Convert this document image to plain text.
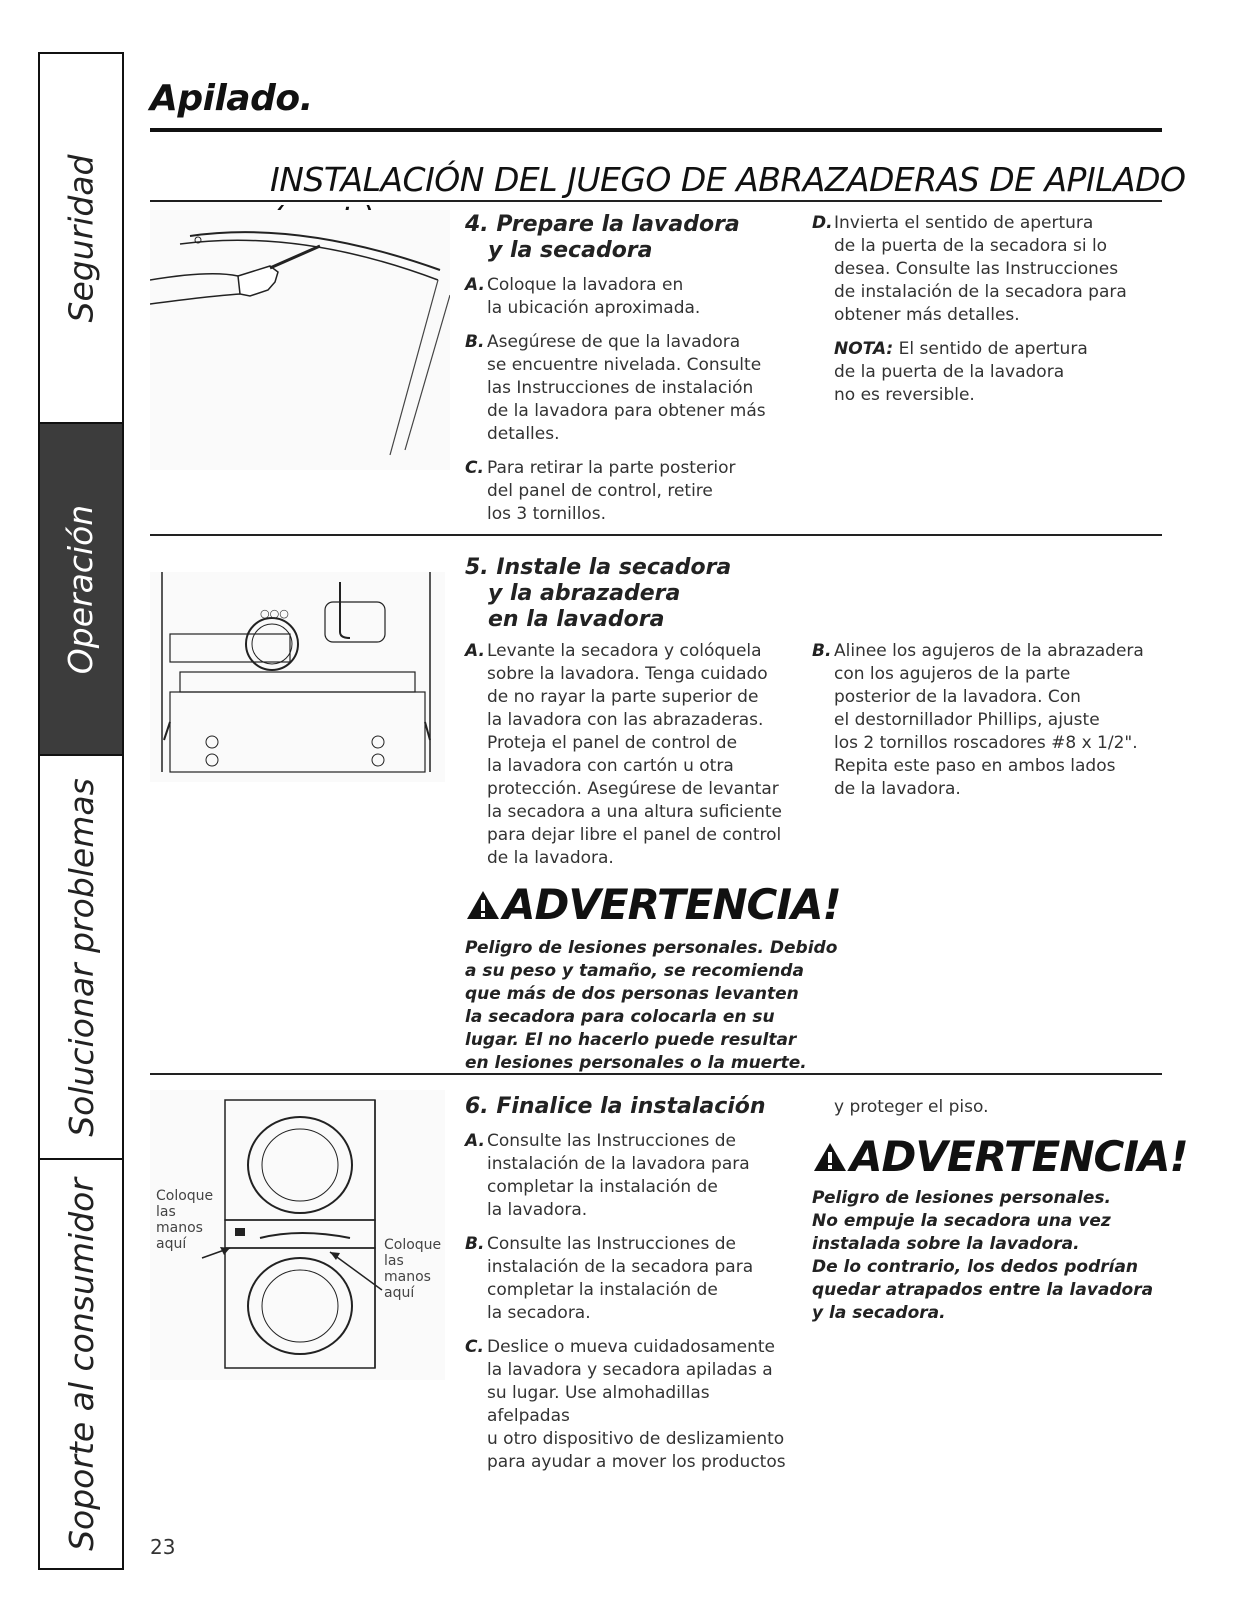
Seguridad
Operación
Solucionar problemas
Soporte al consumidor
Apilado.
INSTALACIÓN DEL JUEGO DE ABRAZADERAS DE APILADO
4. Prepare la lavadora
y la secadora
A. Coloque la lavadora en
la ubicación aproximada.
B. Asegúrese de que la lavadora
se encuentre nivelada. Consulte
las Instrucciones de instalación
de la lavadora para obtener más
detalles.
C. Para retirar la parte posterior
del panel de control, retire
los 3 tornillos.
D. Invierta el sentido de apertura
de la puerta de la secadora si lo
desea. Consulte las Instrucciones
de instalación de la secadora para
obtener más detalles.
NOTA: El sentido de apertura
de la puerta de la lavadora
no es reversible.
○○○
5. Instale la secadora
y la abrazadera
en la lavadora
A. Levante la secadora y colóquela
sobre la lavadora. Tenga cuidado
de no rayar la parte superior de
la lavadora con las abrazaderas.
Proteja el panel de control de
la lavadora con cartón u otra
protección. Asegúrese de levantar
la secadora a una altura suficiente
para dejar libre el panel de control
de la lavadora.
B. Alinee los agujeros de la abrazadera
con los agujeros de la parte
posterior de la lavadora. Con
el destornillador Phillips, ajuste
los 2 tornillos roscadores #8 x 1/2".
Repita este paso en ambos lados
de la lavadora.
ADVERTENCIA!
Peligro de lesiones personales. Debido
a su peso y tamaño, se recomienda
que más de dos personas levanten
la secadora para colocarla en su
lugar. El no hacerlo puede resultar
en lesiones personales o la muerte.
Coloque
las
manos
aquí	Coloque
las
manos
aquí
6. Finalice la instalación
A. Consulte las Instrucciones de
instalación de la lavadora para
completar la instalación de
la lavadora.
B. Consulte las Instrucciones de
instalación de la secadora para
completar la instalación de
la secadora.
C. Deslice o mueva cuidadosamente
la lavadora y secadora apiladas a
su lugar. Use almohadillas
afelpadas
u otro dispositivo de deslizamiento
para ayudar a mover los productos
y proteger el piso.
ADVERTENCIA!
Peligro de lesiones personales.
No empuje la secadora una vez
instalada sobre la lavadora.
De lo contrario, los dedos podrían
quedar atrapados entre la lavadora
y la secadora.
23
